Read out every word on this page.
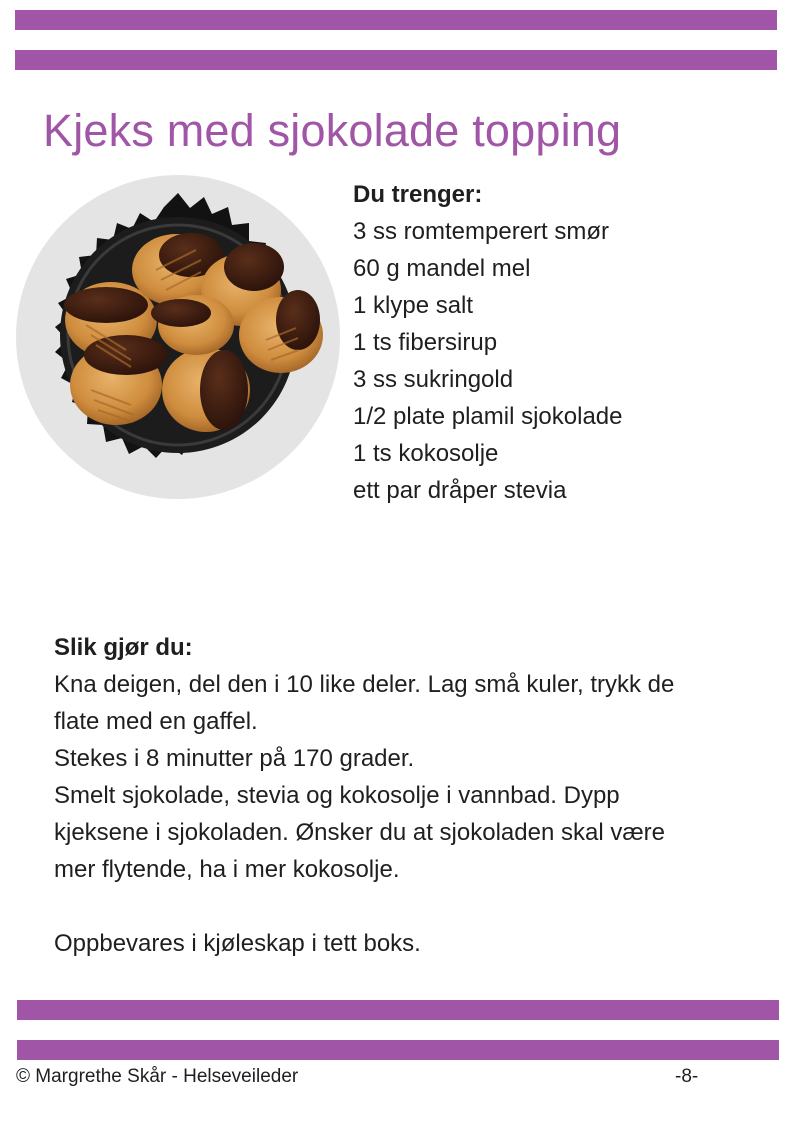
Kjeks med sjokolade topping
Du trenger:
3 ss romtemperert smør
60 g mandel mel
1 klype salt
1 ts fibersirup
3 ss sukringold
1/2 plate plamil sjokolade
1 ts kokosolje
ett par dråper stevia
Slik gjør du:
Kna deigen, del den i 10 like deler. Lag små kuler, trykk de
flate med en gaffel.
Stekes i 8 minutter på 170 grader.
Smelt sjokolade, stevia og kokosolje i vannbad. Dypp
kjeksene i sjokoladen. Ønsker du at sjokoladen skal være
mer flytende, ha i mer kokosolje.
Oppbevares i kjøleskap i tett boks.
© Margrethe Skår - Helseveileder	-8-
